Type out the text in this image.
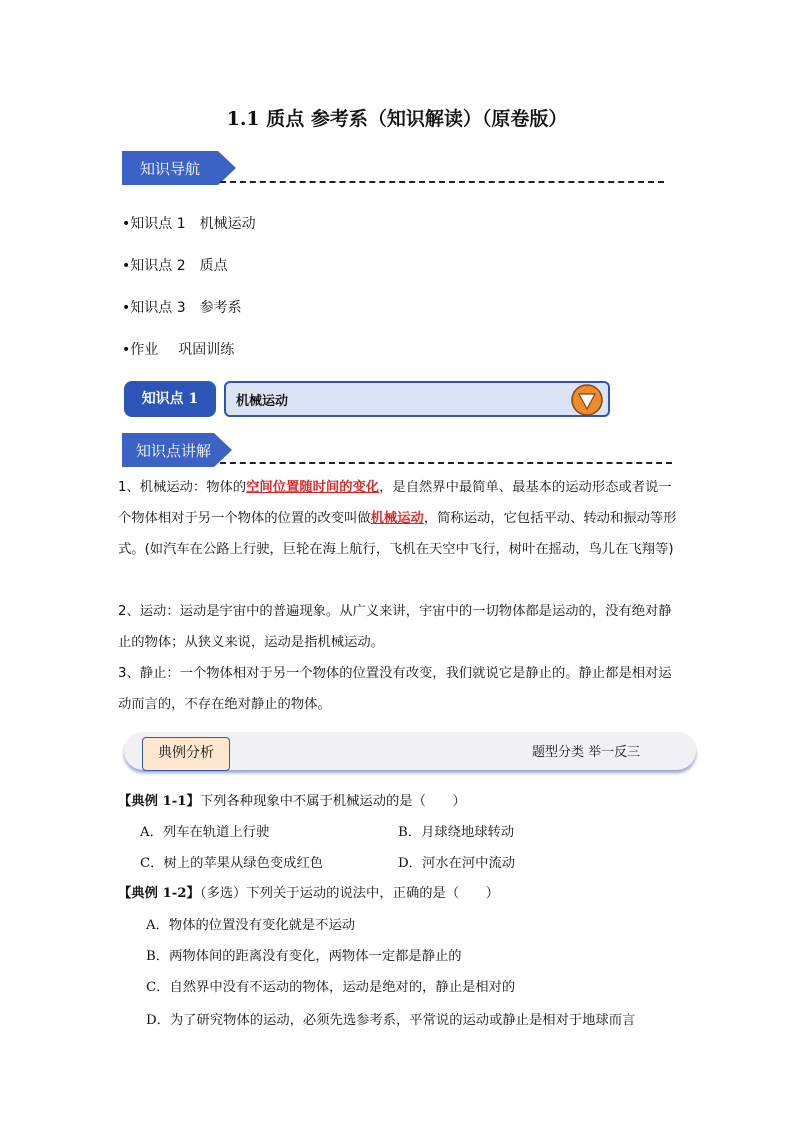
1.1 质点 参考系（知识解读）（原卷版）
知识导航
•知识点 1 机械运动
•知识点 2 质点
•知识点 3 参考系
•作业 巩固训练
知识点 1	机械运动
知识点讲解
1、机械运动：物体的空间位置随时间的变化，是自然界中最简单、最基本的运动形态或者说一个物体相对于另一个物体的位置的改变叫做机械运动，简称运动，它包括平动、转动和振动等形式。(如汽车在公路上行驶，巨轮在海上航行，飞机在天空中飞行，树叶在摇动，鸟儿在飞翔等)
2、运动：运动是宇宙中的普遍现象。从广义来讲，宇宙中的一切物体都是运动的，没有绝对静止的物体；从狭义来说，运动是指机械运动。
3、静止：一个物体相对于另一个物体的位置没有改变，我们就说它是静止的。静止都是相对运动而言的，不存在绝对静止的物体。
典例分析	题型分类 举一反三
【典例 1-1】下列各种现象中不属于机械运动的是（　　）
A．列车在轨道上行驶	B．月球绕地球转动
C．树上的苹果从绿色变成红色	D．河水在河中流动
【典例 1-2】（多选）下列关于运动的说法中，正确的是（　　）
A．物体的位置没有变化就是不运动
B．两物体间的距离没有变化，两物体一定都是静止的
C．自然界中没有不运动的物体，运动是绝对的，静止是相对的
D．为了研究物体的运动，必须先选参考系，平常说的运动或静止是相对于地球而言
